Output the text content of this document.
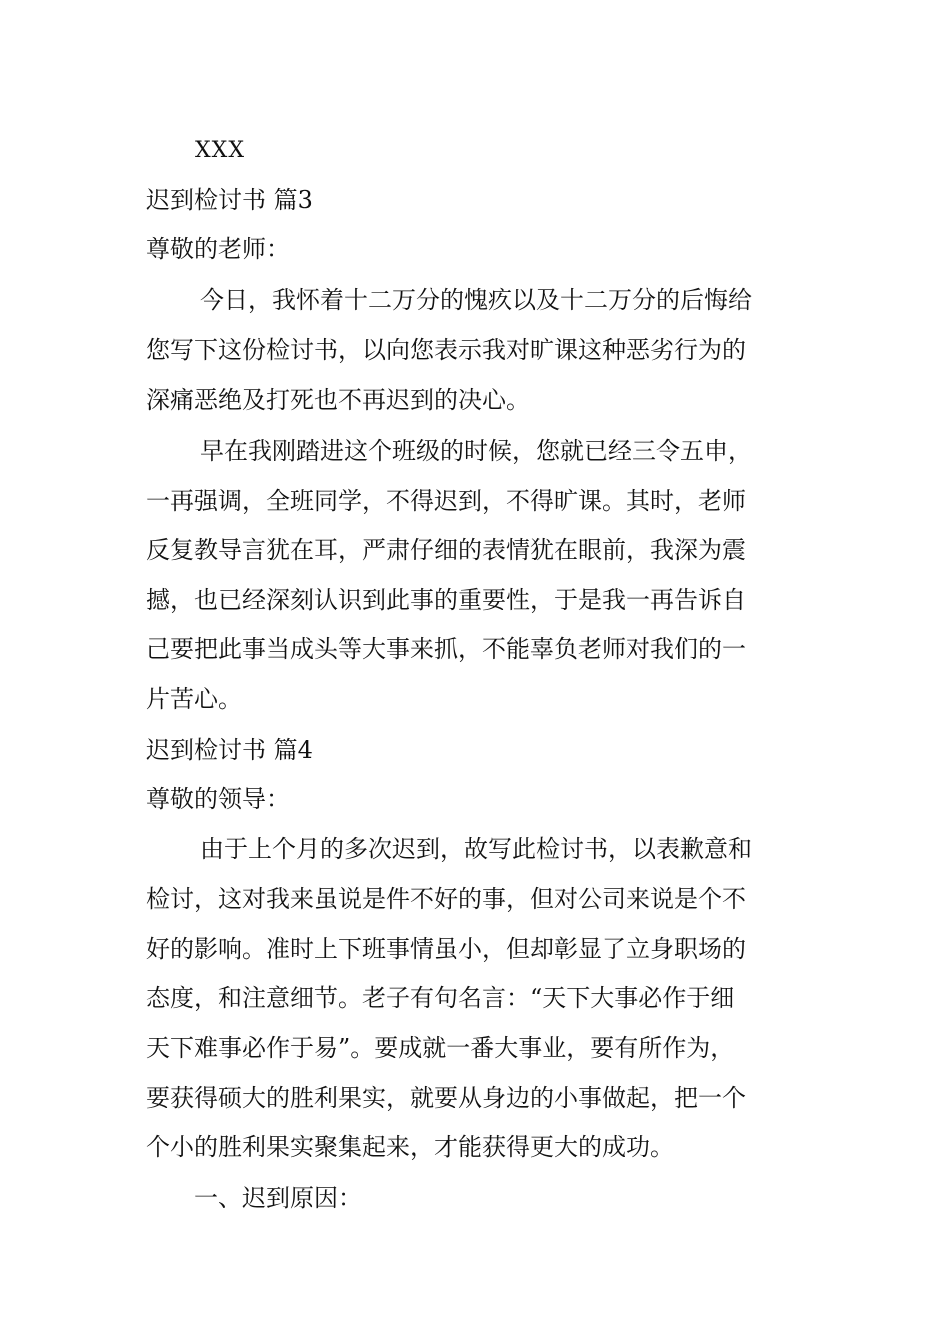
XXX

迟到检讨书 篇3

尊敬的老师：

今日，我怀着十二万分的愧疚以及十二万分的后悔给

您写下这份检讨书，以向您表示我对旷课这种恶劣行为的

深痛恶绝及打死也不再迟到的决心。

早在我刚踏进这个班级的时候，您就已经三令五申，

一再强调，全班同学，不得迟到，不得旷课。其时，老师

反复教导言犹在耳，严肃仔细的表情犹在眼前，我深为震

撼，也已经深刻认识到此事的重要性，于是我一再告诉自

己要把此事当成头等大事来抓，不能辜负老师对我们的一

片苦心。

迟到检讨书 篇4

尊敬的领导：

由于上个月的多次迟到，故写此检讨书，以表歉意和

检讨，这对我来虽说是件不好的事，但对公司来说是个不

好的影响。准时上下班事情虽小，但却彰显了立身职场的

态度，和注意细节。老子有句名言：“天下大事必作于细

天下难事必作于易”。要成就一番大事业，要有所作为，

要获得硕大的胜利果实，就要从身边的小事做起，把一个

个小的胜利果实聚集起来，才能获得更大的成功。

一、迟到原因：
